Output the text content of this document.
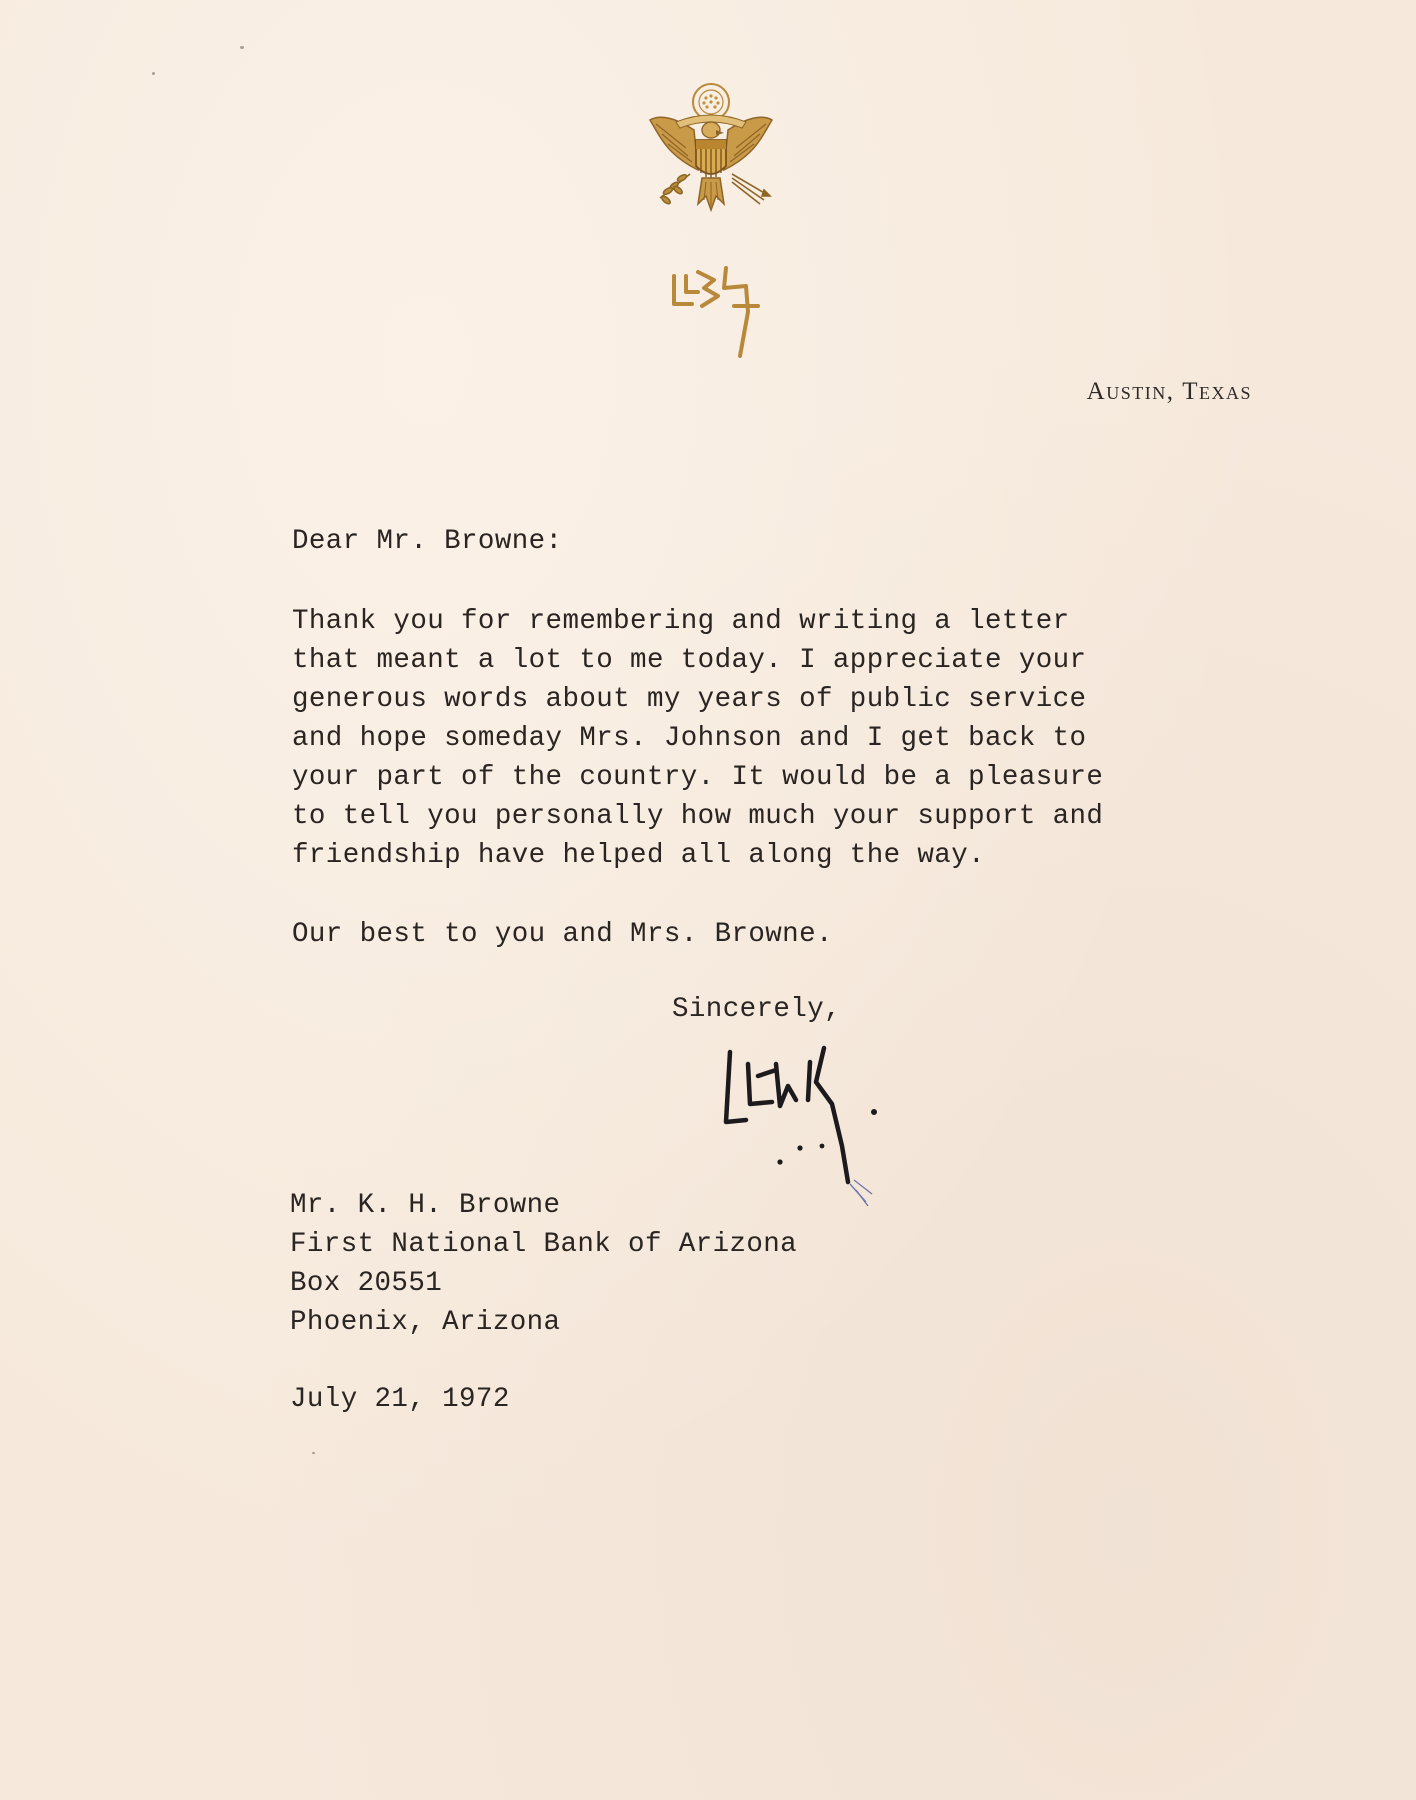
Austin, Texas

Dear Mr. Browne:

Thank you for remembering and writing a letter

that meant a lot to me today. I appreciate your

generous words about my years of public service

and hope someday Mrs. Johnson and I get back to

your part of the country. It would be a pleasure

to tell you personally how much your support and

friendship have helped all along the way.

Our best to you and Mrs. Browne.

Sincerely,

Mr. K. H. Browne

First National Bank of Arizona

Box 20551

Phoenix, Arizona

July 21, 1972
